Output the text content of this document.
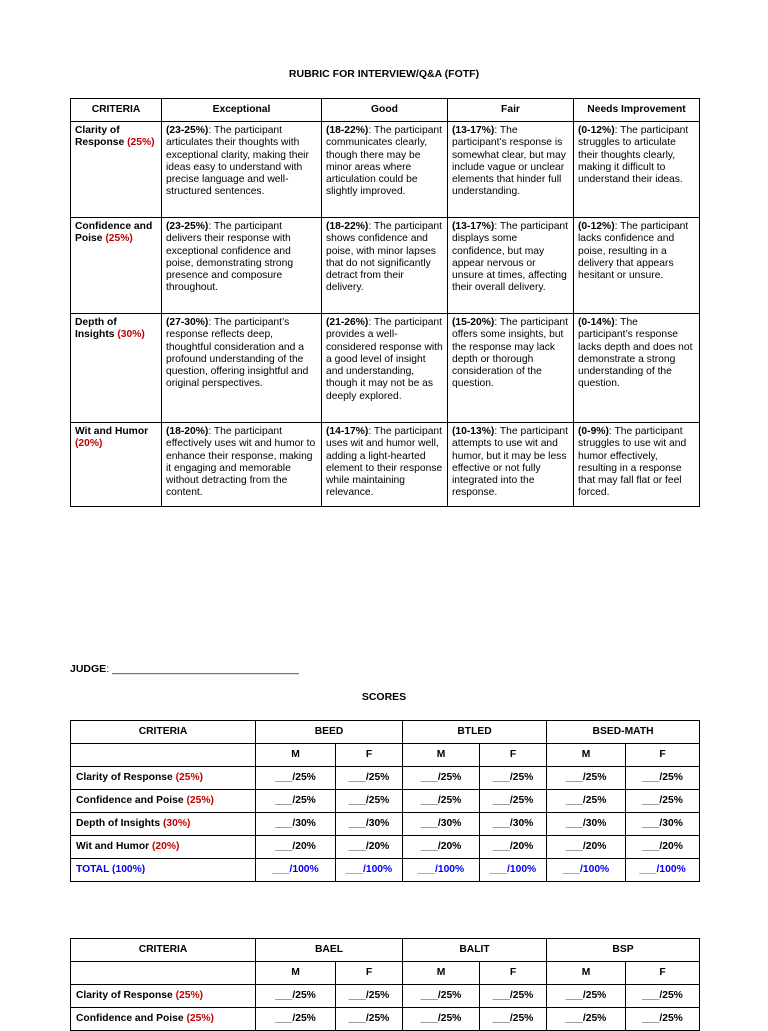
RUBRIC FOR INTERVIEW/Q&A (FOTF)
CRITERIA	Exceptional	Good	Fair	Needs Improvement
Clarity of Response (25%)	(23-25%): The participant articulates their thoughts with exceptional clarity, making their ideas easy to understand with precise language and well-structured sentences.	(18-22%): The participant communicates clearly, though there may be minor areas where articulation could be slightly improved.	(13-17%): The participant’s response is somewhat clear, but may include vague or unclear elements that hinder full understanding.	(0-12%): The participant struggles to articulate their thoughts clearly, making it difficult to understand their ideas.
Confidence and Poise (25%)	(23-25%): The participant delivers their response with exceptional confidence and poise, demonstrating strong presence and composure throughout.	(18-22%): The participant shows confidence and poise, with minor lapses that do not significantly detract from their delivery.	(13-17%): The participant displays some confidence, but may appear nervous or unsure at times, affecting their overall delivery.	(0-12%): The participant lacks confidence and poise, resulting in a delivery that appears hesitant or unsure.
Depth of Insights (30%)	(27-30%): The participant’s response reflects deep, thoughtful consideration and a profound understanding of the question, offering insightful and original perspectives.	(21-26%): The participant provides a well-considered response with a good level of insight and understanding, though it may not be as deeply explored.	(15-20%): The participant offers some insights, but the response may lack depth or thorough consideration of the question.	(0-14%): The participant’s response lacks depth and does not demonstrate a strong understanding of the question.
Wit and Humor (20%)	(18-20%): The participant effectively uses wit and humor to enhance their response, making it engaging and memorable without detracting from the content.	(14-17%): The participant uses wit and humor well, adding a light-hearted element to their response while maintaining relevance.	(10-13%): The participant attempts to use wit and humor, but it may be less effective or not fully integrated into the response.	(0-9%): The participant struggles to use wit and humor effectively, resulting in a response that may fall flat or feel forced.
JUDGE: ________________________________
SCORES
CRITERIA	BEED		BTLED		BSED-MATH	
	M	F	M	F	M	F
Clarity of Response (25%)	___/25%	___/25%	___/25%	___/25%	___/25%	___/25%
Confidence and Poise (25%)	___/25%	___/25%	___/25%	___/25%	___/25%	___/25%
Depth of Insights (30%)	___/30%	___/30%	___/30%	___/30%	___/30%	___/30%
Wit and Humor (20%)	___/20%	___/20%	___/20%	___/20%	___/20%	___/20%
TOTAL (100%)	___/100%	___/100%	___/100%	___/100%	___/100%	___/100%
CRITERIA	BAEL		BALIT		BSP	
	M	F	M	F	M	F
Clarity of Response (25%)	___/25%	___/25%	___/25%	___/25%	___/25%	___/25%
Confidence and Poise (25%)	___/25%	___/25%	___/25%	___/25%	___/25%	___/25%
